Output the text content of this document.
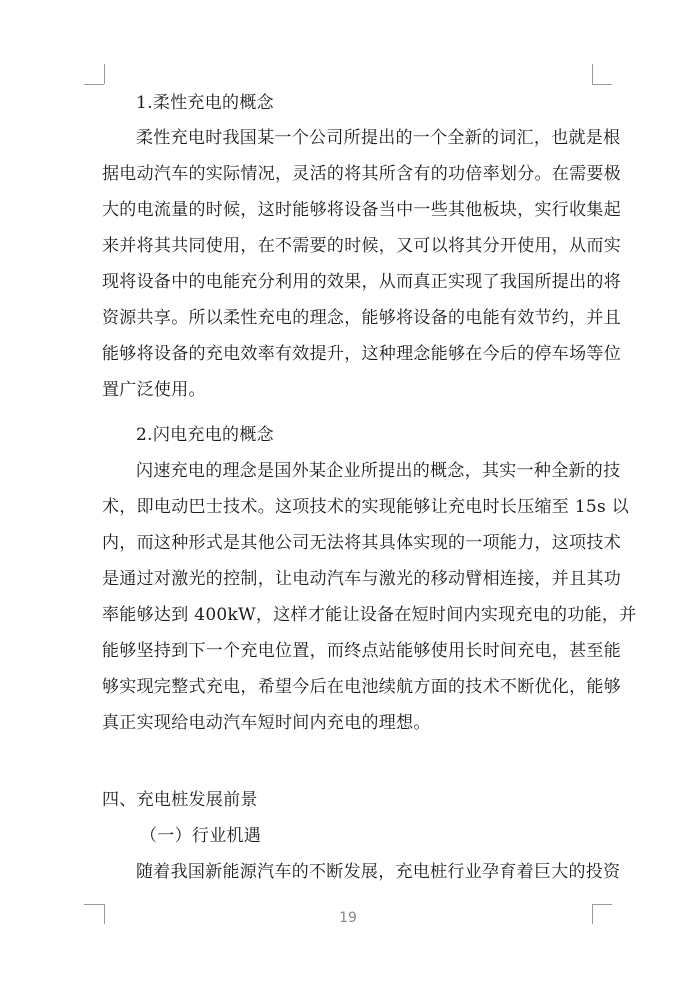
1.柔性充电的概念
柔性充电时我国某一个公司所提出的一个全新的词汇，也就是根
据电动汽车的实际情况，灵活的将其所含有的功倍率划分。在需要极
大的电流量的时候，这时能够将设备当中一些其他板块，实行收集起
来并将其共同使用，在不需要的时候，又可以将其分开使用，从而实
现将设备中的电能充分利用的效果，从而真正实现了我国所提出的将
资源共享。所以柔性充电的理念，能够将设备的电能有效节约，并且
能够将设备的充电效率有效提升，这种理念能够在今后的停车场等位
置广泛使用。
2.闪电充电的概念
闪速充电的理念是国外某企业所提出的概念，其实一种全新的技
术，即电动巴士技术。这项技术的实现能够让充电时长压缩至 15s 以
内，而这种形式是其他公司无法将其具体实现的一项能力，这项技术
是通过对激光的控制，让电动汽车与激光的移动臂相连接，并且其功
率能够达到 400kW，这样才能让设备在短时间内实现充电的功能，并
能够坚持到下一个充电位置，而终点站能够使用长时间充电，甚至能
够实现完整式充电，希望今后在电池续航方面的技术不断优化，能够
真正实现给电动汽车短时间内充电的理想。
四、充电桩发展前景
（一）行业机遇
随着我国新能源汽车的不断发展，充电桩行业孕育着巨大的投资
19
